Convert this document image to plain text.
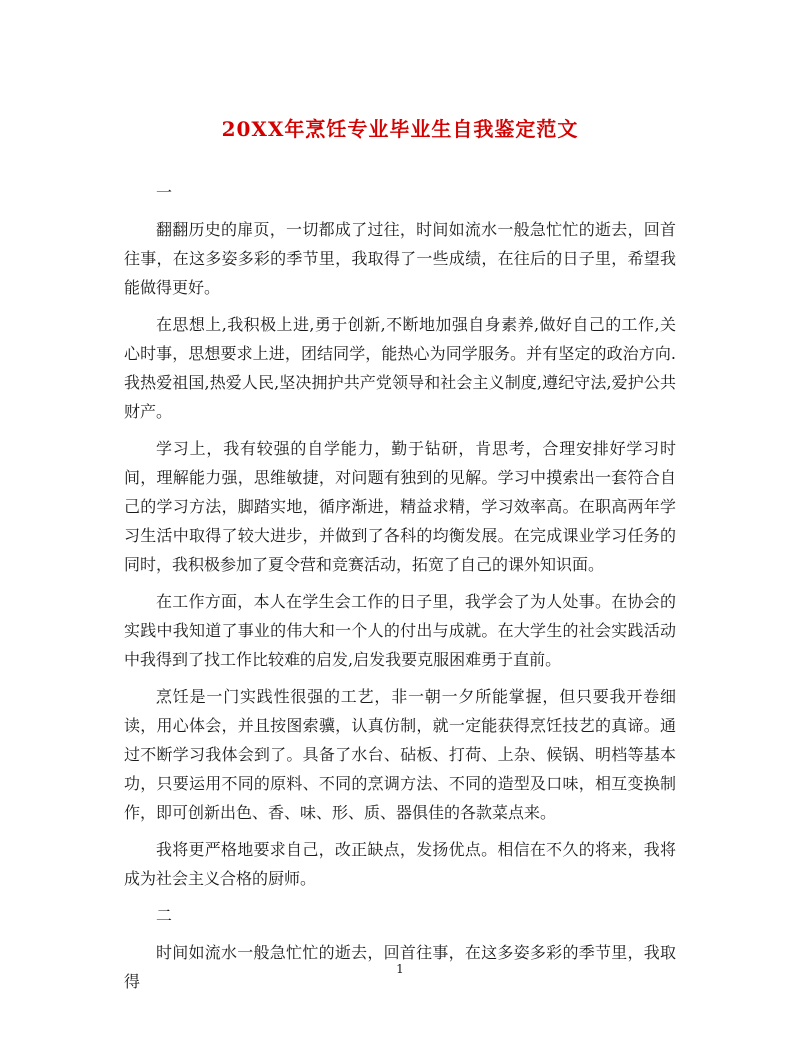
20XX年烹饪专业毕业生自我鉴定范文
一

翻翻历史的扉页，一切都成了过往，时间如流水一般急忙忙的逝去，回首往事，在这多姿多彩的季节里，我取得了一些成绩，在往后的日子里，希望我能做得更好。

在思想上,我积极上进,勇于创新,不断地加强自身素养,做好自己的工作,关心时事，思想要求上进，团结同学，能热心为同学服务。并有坚定的政治方向.我热爱祖国,热爱人民,坚决拥护共产党领导和社会主义制度,遵纪守法,爱护公共财产。

学习上，我有较强的自学能力，勤于钻研，肯思考，合理安排好学习时间，理解能力强，思维敏捷，对问题有独到的见解。学习中摸索出一套符合自己的学习方法，脚踏实地，循序渐进，精益求精，学习效率高。在职高两年学习生活中取得了较大进步，并做到了各科的均衡发展。在完成课业学习任务的同时，我积极参加了夏令营和竞赛活动，拓宽了自己的课外知识面。

在工作方面，本人在学生会工作的日子里，我学会了为人处事。在协会的实践中我知道了事业的伟大和一个人的付出与成就。在大学生的社会实践活动中我得到了找工作比较难的启发,启发我要克服困难勇于直前。

烹饪是一门实践性很强的工艺，非一朝一夕所能掌握，但只要我开卷细读，用心体会，并且按图索骥，认真仿制，就一定能获得烹饪技艺的真谛。通过不断学习我体会到了。具备了水台、砧板、打荷、上杂、候锅、明档等基本功，只要运用不同的原料、不同的烹调方法、不同的造型及口味，相互变换制作，即可创新出色、香、味、形、质、器俱佳的各款菜点来。

我将更严格地要求自己，改正缺点，发扬优点。相信在不久的将来，我将成为社会主义合格的厨师。

二

时间如流水一般急忙忙的逝去，回首往事，在这多姿多彩的季节里，我取得

1
